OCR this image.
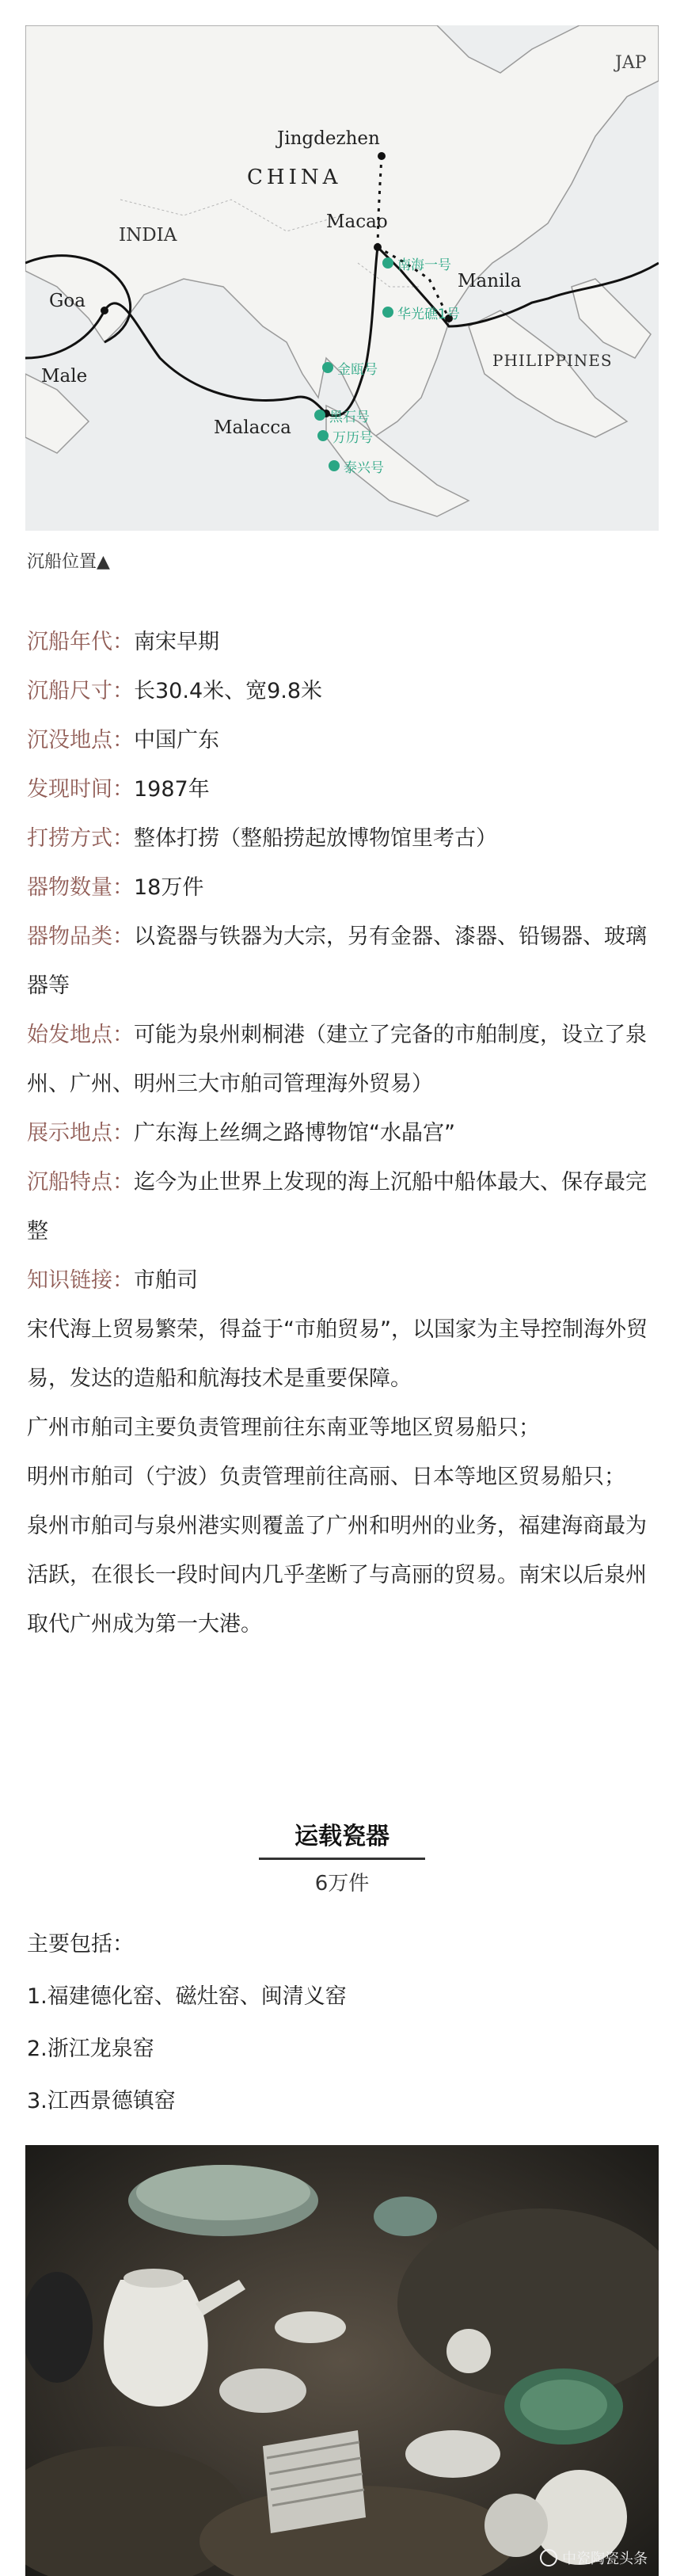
JAP
Jingdezhen
CHINA
INDIA
Macao
Manila
Goa
Male
Malacca
PHILIPPINES
南海一号
华光礁1号
金瓯号
黑石号
万历号
泰兴号
沉船位置▲

沉船年代：南宋早期

沉船尺寸：长30.4米、宽9.8米

沉没地点：中国广东

发现时间：1987年

打捞方式：整体打捞（整船捞起放博物馆里考古）

器物数量：18万件

器物品类：以瓷器与铁器为大宗，另有金器、漆器、铅锡器、玻璃器等

始发地点：可能为泉州刺桐港（建立了完备的市舶制度，设立了泉州、广州、明州三大市舶司管理海外贸易）

展示地点：广东海上丝绸之路博物馆“水晶宫”

沉船特点：迄今为止世界上发现的海上沉船中船体最大、保存最完整

知识链接：市舶司

宋代海上贸易繁荣，得益于“市舶贸易”，以国家为主导控制海外贸易，发达的造船和航海技术是重要保障。

广州市舶司主要负责管理前往东南亚等地区贸易船只；

明州市舶司（宁波）负责管理前往高丽、日本等地区贸易船只；

泉州市舶司与泉州港实则覆盖了广州和明州的业务，福建海商最为活跃，在很长一段时间内几乎垄断了与高丽的贸易。南宋以后泉州取代广州成为第一大港。

运载瓷器
6万件
主要包括：
1.福建德化窑、磁灶窑、闽清义窑
2.浙江龙泉窑
3.江西景德镇窑
中瓷陶瓷头条
